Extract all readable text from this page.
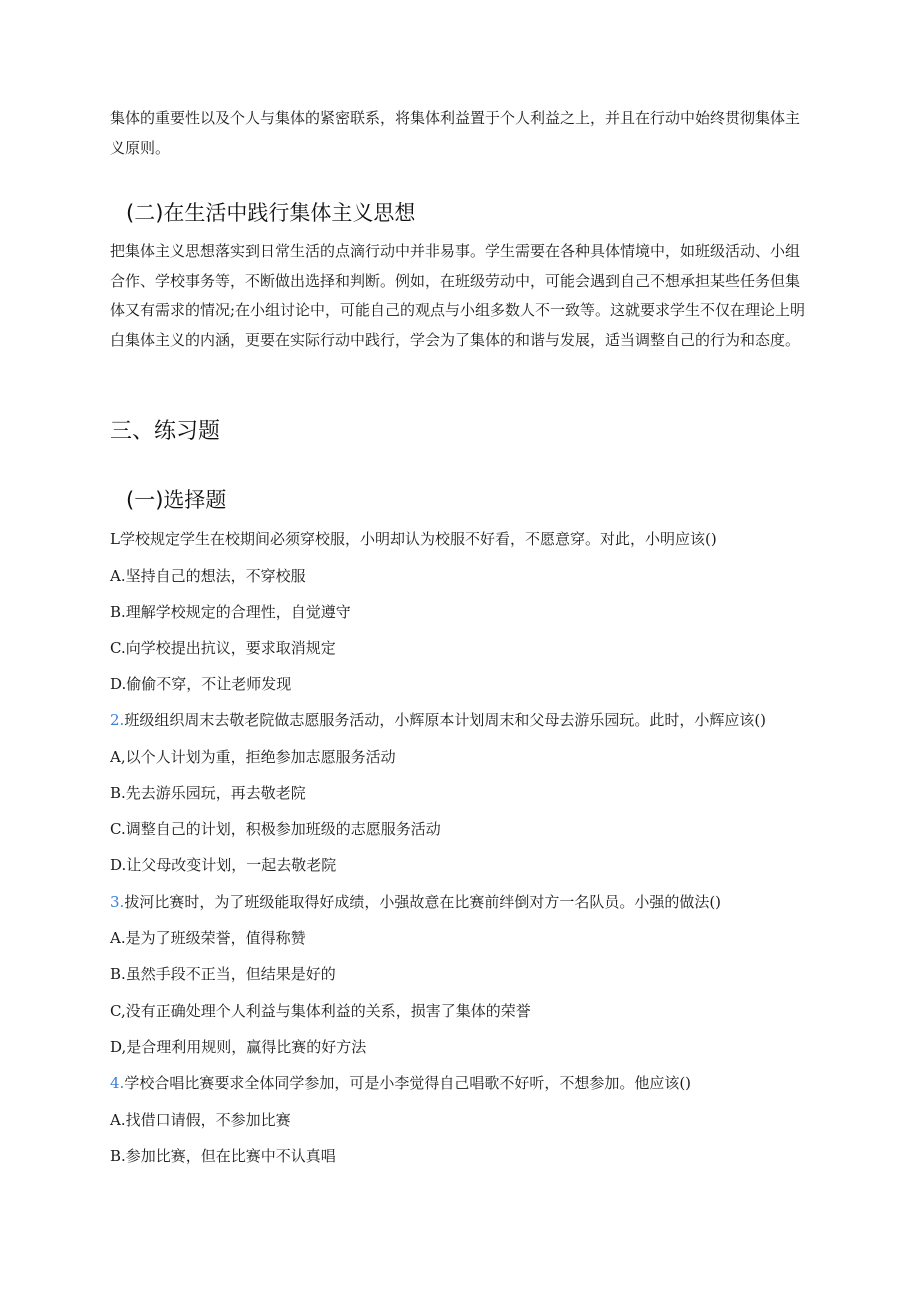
集体的重要性以及个人与集体的紧密联系，将集体利益置于个人利益之上，并且在行动中始终贯彻集体主义原则。

(二)在生活中践行集体主义思想

把集体主义思想落实到日常生活的点滴行动中并非易事。学生需要在各种具体情境中，如班级活动、小组合作、学校事务等，不断做出选择和判断。例如，在班级劳动中，可能会遇到自己不想承担某些任务但集体又有需求的情况;在小组讨论中，可能自己的观点与小组多数人不一致等。这就要求学生不仅在理论上明白集体主义的内涵，更要在实际行动中践行，学会为了集体的和谐与发展，适当调整自己的行为和态度。

三、练习题
(一)选择题
L学校规定学生在校期间必须穿校服，小明却认为校服不好看，不愿意穿。对此，小明应该()
A.坚持自己的想法，不穿校服
B.理解学校规定的合理性，自觉遵守
C.向学校提出抗议，要求取消规定
D.偷偷不穿，不让老师发现
2.班级组织周末去敬老院做志愿服务活动，小辉原本计划周末和父母去游乐园玩。此时，小辉应该()
A,以个人计划为重，拒绝参加志愿服务活动
B.先去游乐园玩，再去敬老院
C.调整自己的计划，积极参加班级的志愿服务活动
D.让父母改变计划，一起去敬老院
3.拔河比赛时，为了班级能取得好成绩，小强故意在比赛前绊倒对方一名队员。小强的做法()
A.是为了班级荣誉，值得称赞
B.虽然手段不正当，但结果是好的
C,没有正确处理个人利益与集体利益的关系，损害了集体的荣誉
D,是合理利用规则，赢得比赛的好方法
4.学校合唱比赛要求全体同学参加，可是小李觉得自己唱歌不好听，不想参加。他应该()
A.找借口请假，不参加比赛
B.参加比赛，但在比赛中不认真唱
